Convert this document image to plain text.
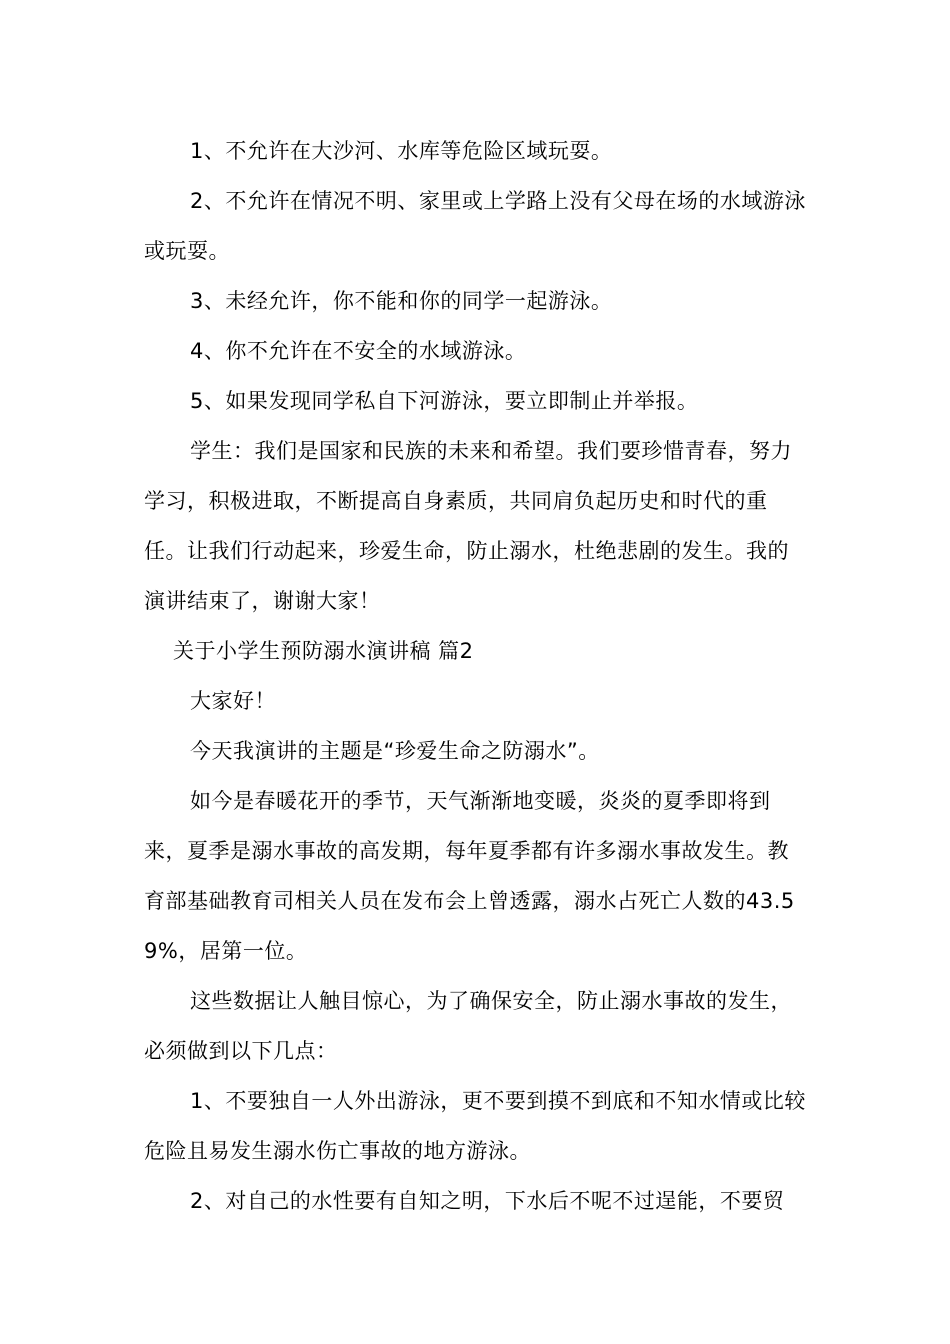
1、不允许在大沙河、水库等危险区域玩耍。

2、不允许在情况不明、家里或上学路上没有父母在场的水域游泳或玩耍。

3、未经允许，你不能和你的同学一起游泳。

4、你不允许在不安全的水域游泳。

5、如果发现同学私自下河游泳，要立即制止并举报。

学生：我们是国家和民族的未来和希望。我们要珍惜青春，努力学习，积极进取，不断提高自身素质，共同肩负起历史和时代的重任。让我们行动起来，珍爱生命，防止溺水，杜绝悲剧的发生。我的演讲结束了，谢谢大家！

关于小学生预防溺水演讲稿 篇2

大家好！

今天我演讲的主题是“珍爱生命之防溺水”。

如今是春暖花开的季节，天气渐渐地变暖，炎炎的夏季即将到来，夏季是溺水事故的高发期，每年夏季都有许多溺水事故发生。教育部基础教育司相关人员在发布会上曾透露，溺水占死亡人数的43.59%，居第一位。

这些数据让人触目惊心，为了确保安全，防止溺水事故的发生，必须做到以下几点：

1、不要独自一人外出游泳，更不要到摸不到底和不知水情或比较危险且易发生溺水伤亡事故的地方游泳。

2、对自己的水性要有自知之明，下水后不呢不过逞能，不要贸
